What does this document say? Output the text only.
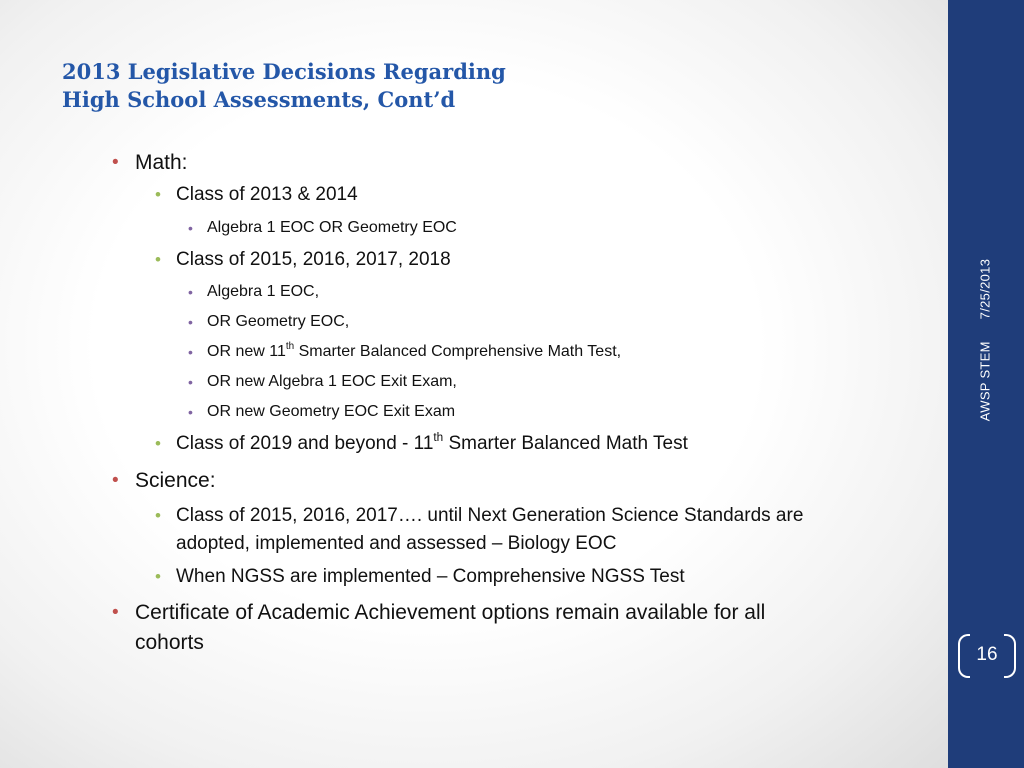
2013 Legislative Decisions Regarding
High School Assessments, Cont’d
• Math:
• Class of 2013 & 2014
• Algebra 1 EOC OR Geometry EOC
• Class of 2015, 2016, 2017, 2018
• Algebra 1 EOC,
• OR Geometry EOC,
• OR new 11th Smarter Balanced Comprehensive Math Test,
• OR new Algebra 1 EOC Exit Exam,
• OR new Geometry EOC Exit Exam
• Class of 2019 and beyond - 11th Smarter Balanced Math Test
• Science:
• Class of 2015, 2016, 2017…. until Next Generation Science Standards are
adopted, implemented and assessed – Biology EOC
• When NGSS are implemented – Comprehensive NGSS Test
• Certificate of Academic Achievement options remain available for all
cohorts
AWSP STEM 7/25/2013
16
